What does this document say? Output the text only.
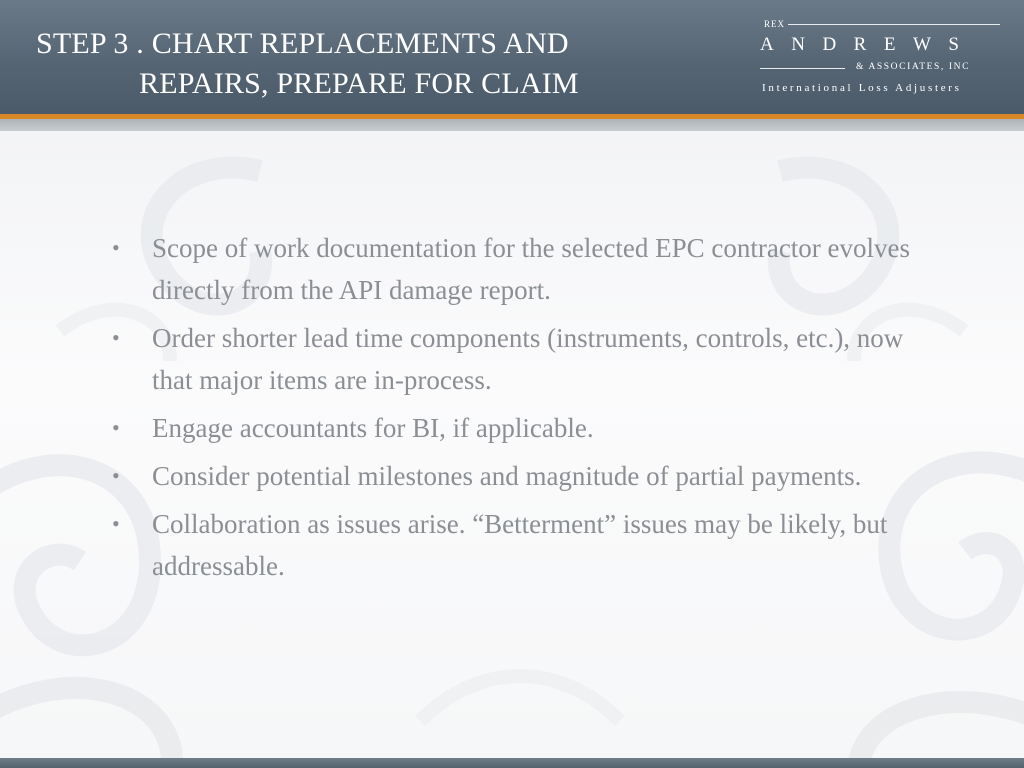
STEP 3 . CHART REPLACEMENTS AND
REPAIRS, PREPARE FOR CLAIM
REX
ANDREWS
& ASSOCIATES, INC
International Loss Adjusters
• Scope of work documentation for the selected EPC contractor evolves directly from the API damage report.
• Order shorter lead time components (instruments, controls, etc.), now that major items are in-process.
• Engage accountants for BI, if applicable.
• Consider potential milestones and magnitude of partial payments.
• Collaboration as issues arise. “Betterment” issues may be likely, but addressable.
